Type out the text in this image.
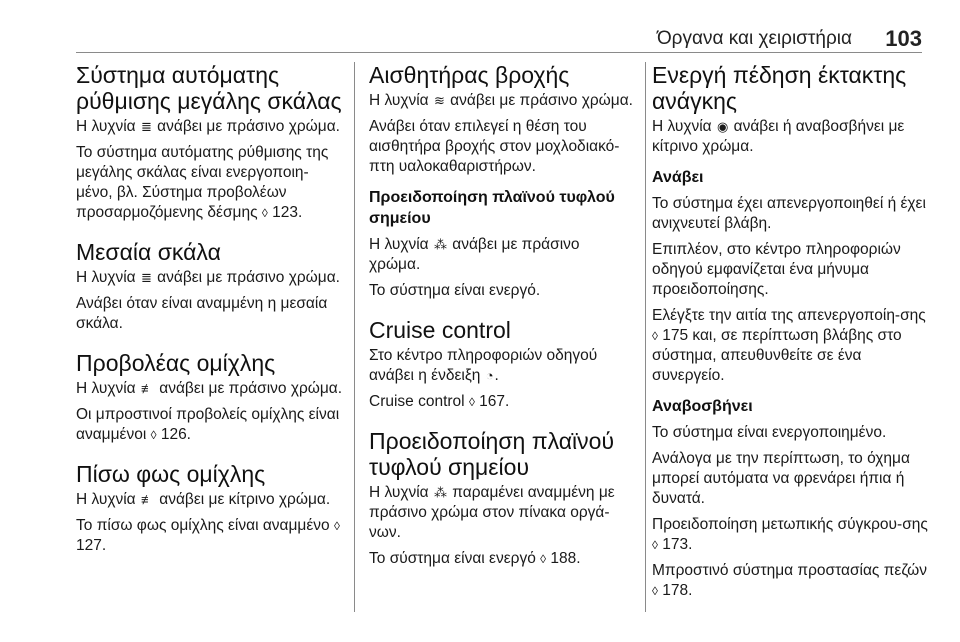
Όργανα και χειριστήρια 103
Σύστημα αυτόματης
ρύθμισης μεγάλης σκάλας

Η λυχνία ≣ ανάβει με πράσινο χρώμα.

Το σύστημα αυτόματης ρύθμισης της μεγάλης σκάλας είναι ενεργοποιη-μένο, βλ. Σύστημα προβολέων προσαρμοζόμενης δέσμης ◊ 123.

Μεσαία σκάλα

Η λυχνία ≣ ανάβει με πράσινο χρώμα.

Ανάβει όταν είναι αναμμένη η μεσαία σκάλα.

Προβολέας ομίχλης

Η λυχνία ≢ ανάβει με πράσινο χρώμα.

Οι μπροστινοί προβολείς ομίχλης είναι αναμμένοι ◊ 126.

Πίσω φως ομίχλης

Η λυχνία ≢ ανάβει με κίτρινο χρώμα.

Το πίσω φως ομίχλης είναι αναμμένο ◊ 127.

Αισθητήρας βροχής

Η λυχνία ≋ ανάβει με πράσινο χρώμα.

Ανάβει όταν επιλεγεί η θέση του αισθητήρα βροχής στον μοχλοδιακό-πτη υαλοκαθαριστήρων.

Προειδοποίηση πλαϊνού τυφλού σημείου

Η λυχνία ⁂ ανάβει με πράσινο χρώμα.

Το σύστημα είναι ενεργό.

Cruise control

Στο κέντρο πληροφοριών οδηγού ανάβει η ένδειξη ◔.

Cruise control ◊ 167.

Προειδοποίηση πλαϊνού
τυφλού σημείου

Η λυχνία ⁂ παραμένει αναμμένη με πράσινο χρώμα στον πίνακα οργά-νων.

Το σύστημα είναι ενεργό ◊ 188.

Ενεργή πέδηση έκτακτης
ανάγκης

Η λυχνία ◉ ανάβει ή αναβοσβήνει με κίτρινο χρώμα.

Ανάβει

Το σύστημα έχει απενεργοποιηθεί ή έχει ανιχνευτεί βλάβη.

Επιπλέον, στο κέντρο πληροφοριών οδηγού εμφανίζεται ένα μήνυμα προειδοποίησης.

Ελέγξτε την αιτία της απενεργοποίη-σης ◊ 175 και, σε περίπτωση βλάβης στο σύστημα, απευθυνθείτε σε ένα συνεργείο.

Αναβοσβήνει

Το σύστημα είναι ενεργοποιημένο.

Ανάλογα με την περίπτωση, το όχημα μπορεί αυτόματα να φρενάρει ήπια ή δυνατά.

Προειδοποίηση μετωπικής σύγκρου-σης ◊ 173.

Μπροστινό σύστημα προστασίας πεζών ◊ 178.
